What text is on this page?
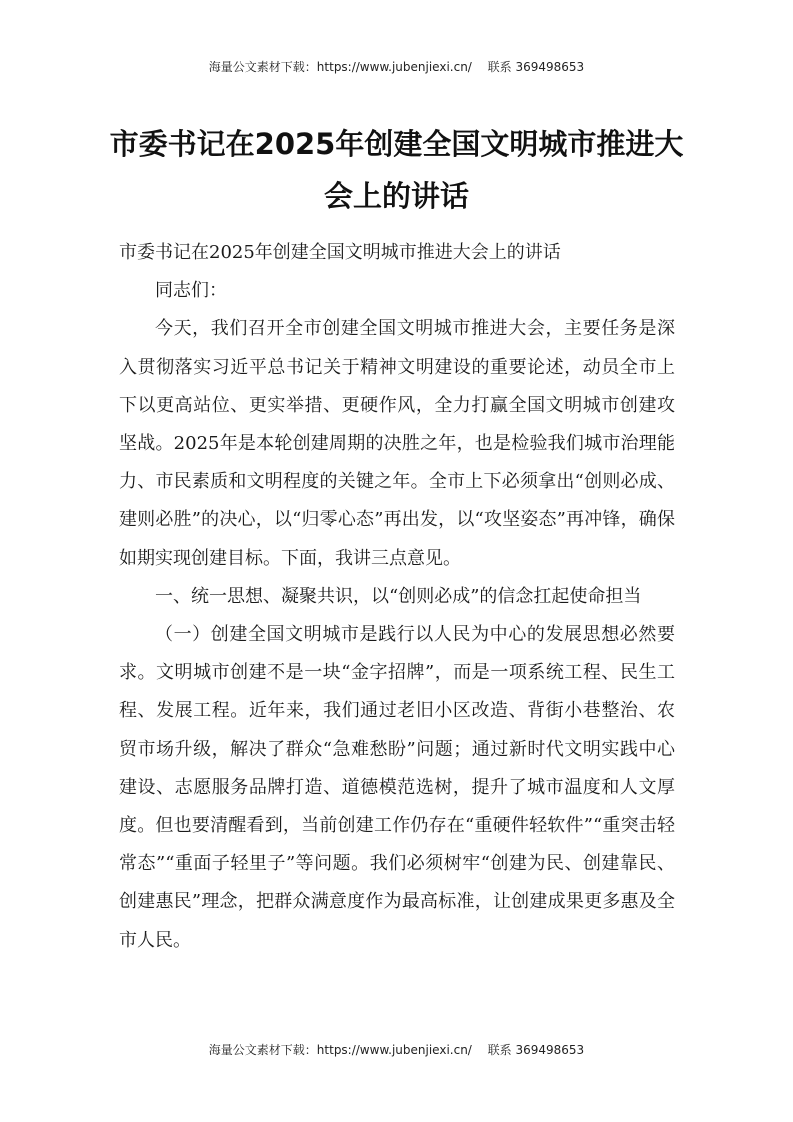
海量公文素材下载：https://www.jubenjiexi.cn/　 联系 369498653
市委书记在2025年创建全国文明城市推进大会上的讲话

市委书记在2025年创建全国文明城市推进大会上的讲话

同志们：

今天，我们召开全市创建全国文明城市推进大会，主要任务是深入贯彻落实习近平总书记关于精神文明建设的重要论述，动员全市上下以更高站位、更实举措、更硬作风，全力打赢全国文明城市创建攻坚战。2025年是本轮创建周期的决胜之年，也是检验我们城市治理能力、市民素质和文明程度的关键之年。全市上下必须拿出“创则必成、建则必胜”的决心，以“归零心态”再出发，以“攻坚姿态”再冲锋，确保如期实现创建目标。下面，我讲三点意见。

一、统一思想、凝聚共识，以“创则必成”的信念扛起使命担当

（一）创建全国文明城市是践行以人民为中心的发展思想必然要求。文明城市创建不是一块“金字招牌”，而是一项系统工程、民生工程、发展工程。近年来，我们通过老旧小区改造、背街小巷整治、农贸市场升级，解决了群众“急难愁盼”问题；通过新时代文明实践中心建设、志愿服务品牌打造、道德模范选树，提升了城市温度和人文厚度。但也要清醒看到，当前创建工作仍存在“重硬件轻软件”“重突击轻常态”“重面子轻里子”等问题。我们必须树牢“创建为民、创建靠民、创建惠民”理念，把群众满意度作为最高标准，让创建成果更多惠及全市人民。

海量公文素材下载：https://www.jubenjiexi.cn/　 联系 369498653
